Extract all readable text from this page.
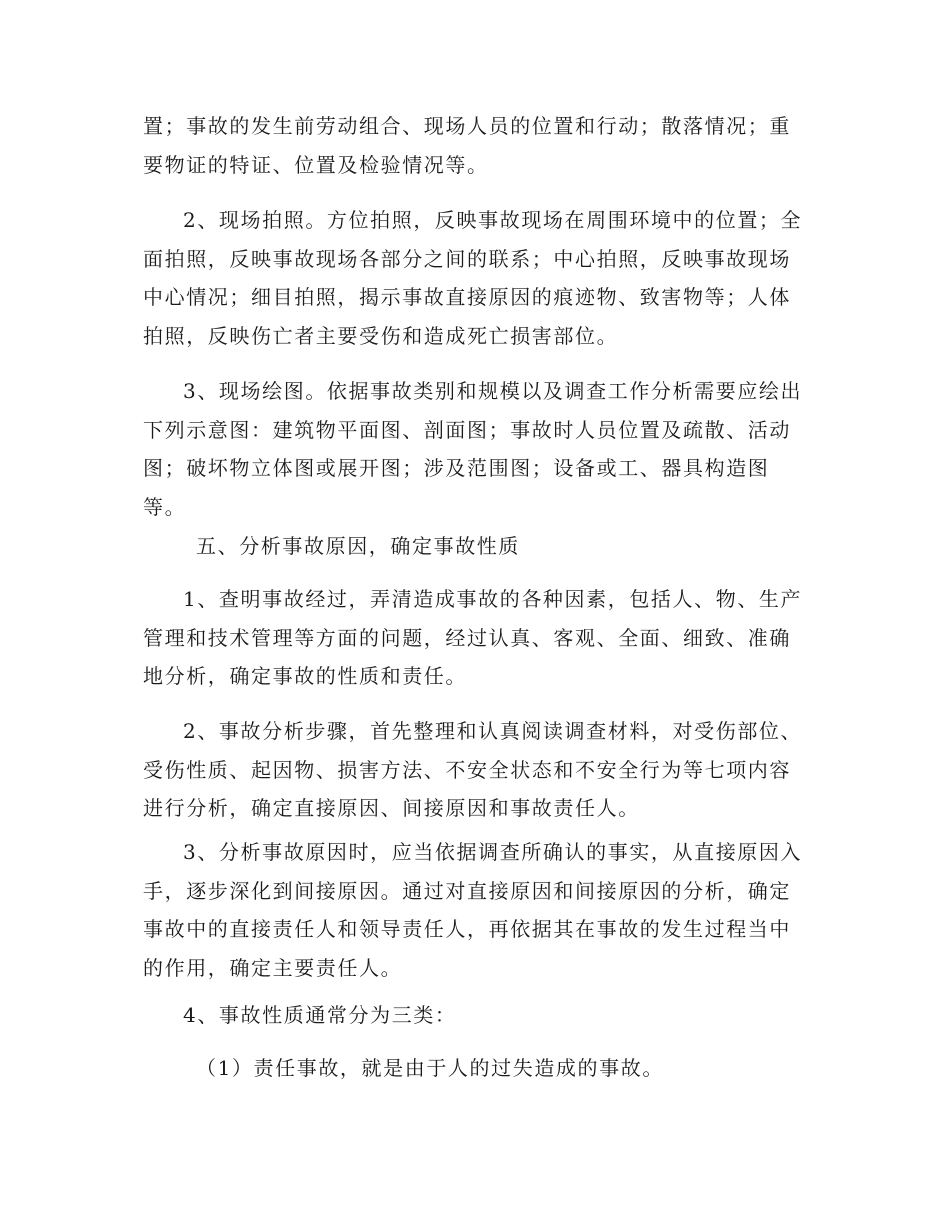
置；事故的发生前劳动组合、现场人员的位置和行动；散落情况；重
要物证的特证、位置及检验情况等。
2、现场拍照。方位拍照，反映事故现场在周围环境中的位置；全
面拍照，反映事故现场各部分之间的联系；中心拍照，反映事故现场
中心情况；细目拍照，揭示事故直接原因的痕迹物、致害物等；人体
拍照，反映伤亡者主要受伤和造成死亡损害部位。
3、现场绘图。依据事故类别和规模以及调查工作分析需要应绘出
下列示意图：建筑物平面图、剖面图；事故时人员位置及疏散、活动
图；破坏物立体图或展开图；涉及范围图；设备或工、器具构造图
等。
五、分析事故原因，确定事故性质
1、查明事故经过，弄清造成事故的各种因素，包括人、物、生产
管理和技术管理等方面的问题，经过认真、客观、全面、细致、准确
地分析，确定事故的性质和责任。
2、事故分析步骤，首先整理和认真阅读调查材料，对受伤部位、
受伤性质、起因物、损害方法、不安全状态和不安全行为等七项内容
进行分析，确定直接原因、间接原因和事故责任人。
3、分析事故原因时，应当依据调查所确认的事实，从直接原因入
手，逐步深化到间接原因。通过对直接原因和间接原因的分析，确定
事故中的直接责任人和领导责任人，再依据其在事故的发生过程当中
的作用，确定主要责任人。
4、事故性质通常分为三类：
（1）责任事故，就是由于人的过失造成的事故。
